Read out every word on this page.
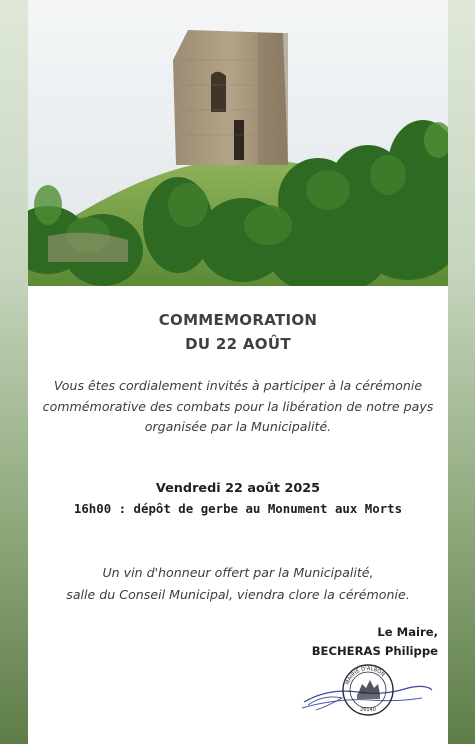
COMMEMORATION
DU 22 AOÛT
Vous êtes cordialement invités à participer à la cérémonie
commémorative des combats pour la libération de notre pays
organisée par la Municipalité.
Vendredi 22 août 2025
16h00 : dépôt de gerbe au Monument aux Morts
Un vin d'honneur offert par la Municipalité,
salle du Conseil Municipal, viendra clore la cérémonie.
Le Maire,
BECHERAS Philippe
MAIRIE D'ALBON
26140
